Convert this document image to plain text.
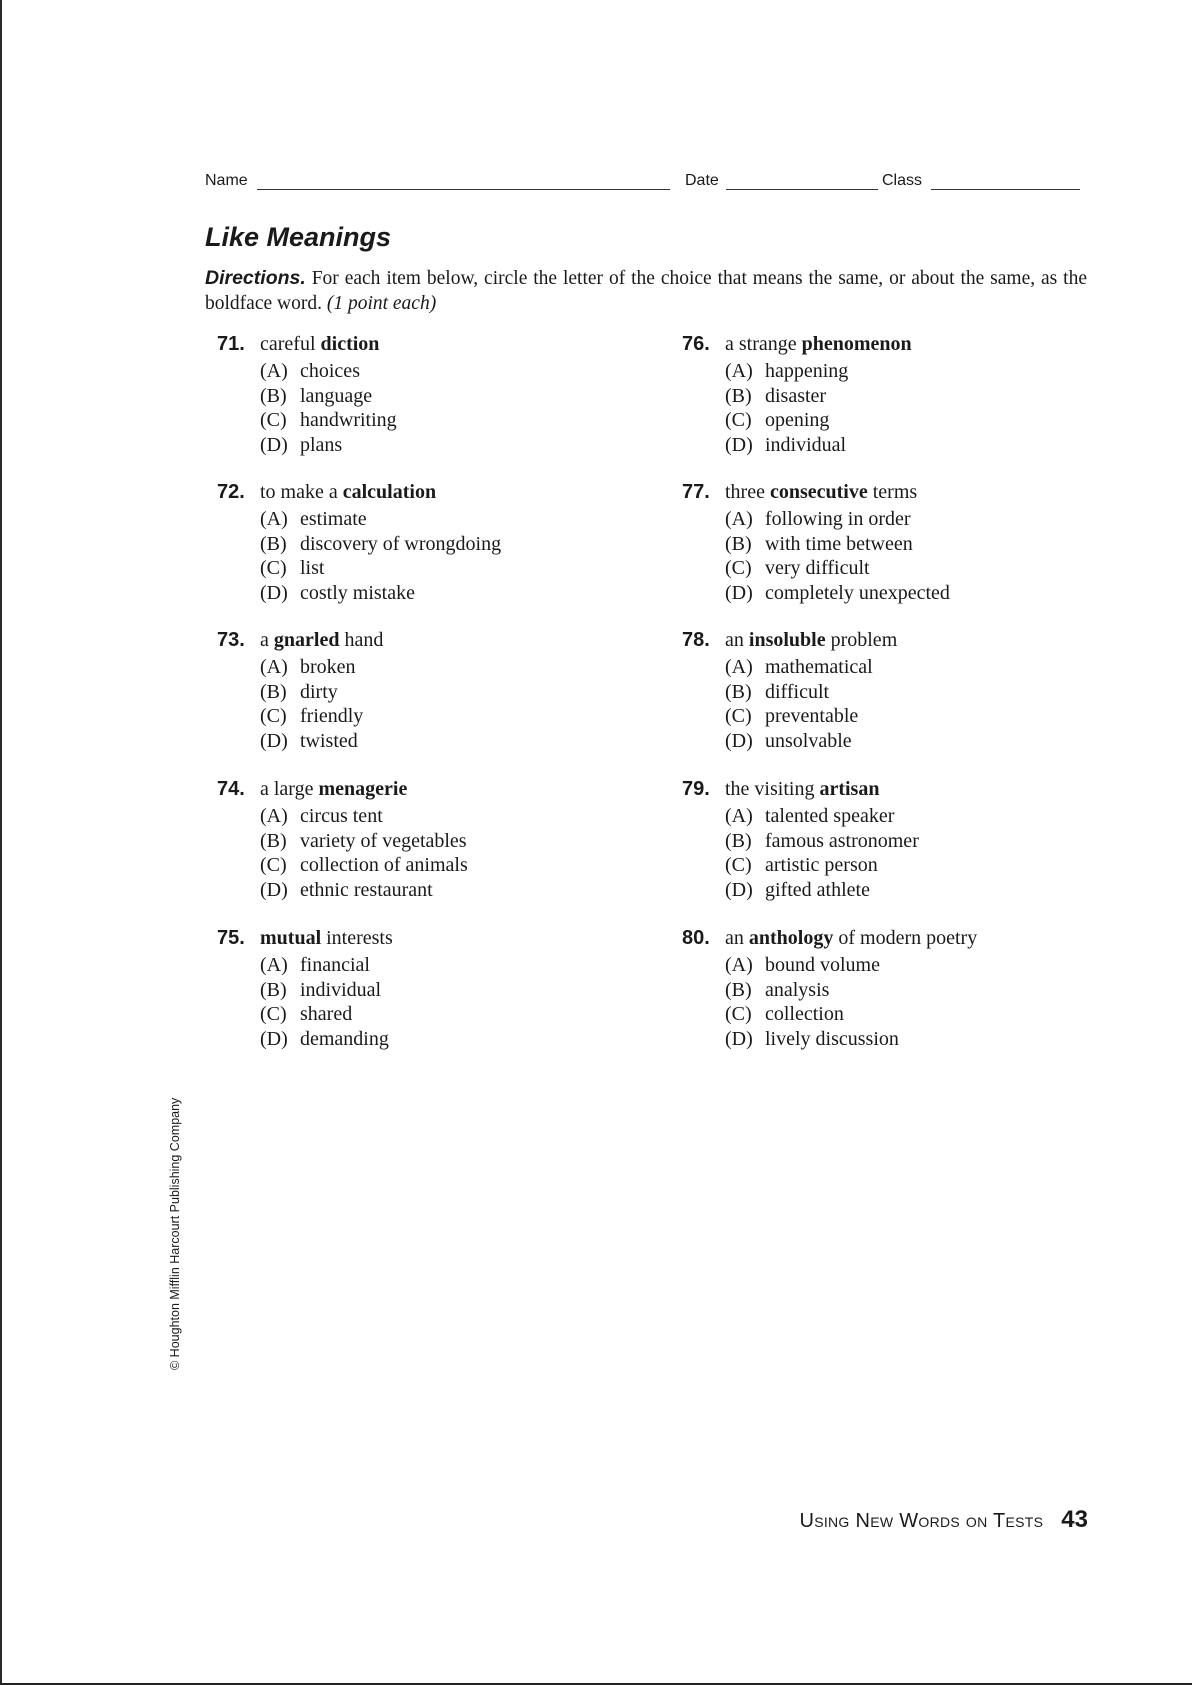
Name	Date	Class
Like Meanings
Directions. For each item below, circle the letter of the choice that means the same, or about the same, as the boldface word. (1 point each)
71. careful diction
(A) choices
(B) language
(C) handwriting
(D) plans
72. to make a calculation
(A) estimate
(B) discovery of wrongdoing
(C) list
(D) costly mistake
73. a gnarled hand
(A) broken
(B) dirty
(C) friendly
(D) twisted
74. a large menagerie
(A) circus tent
(B) variety of vegetables
(C) collection of animals
(D) ethnic restaurant
75. mutual interests
(A) financial
(B) individual
(C) shared
(D) demanding
76. a strange phenomenon
(A) happening
(B) disaster
(C) opening
(D) individual
77. three consecutive terms
(A) following in order
(B) with time between
(C) very difficult
(D) completely unexpected
78. an insoluble problem
(A) mathematical
(B) difficult
(C) preventable
(D) unsolvable
79. the visiting artisan
(A) talented speaker
(B) famous astronomer
(C) artistic person
(D) gifted athlete
80. an anthology of modern poetry
(A) bound volume
(B) analysis
(C) collection
(D) lively discussion
© Houghton Mifflin Harcourt Publishing Company
Using New Words on Tests 43
